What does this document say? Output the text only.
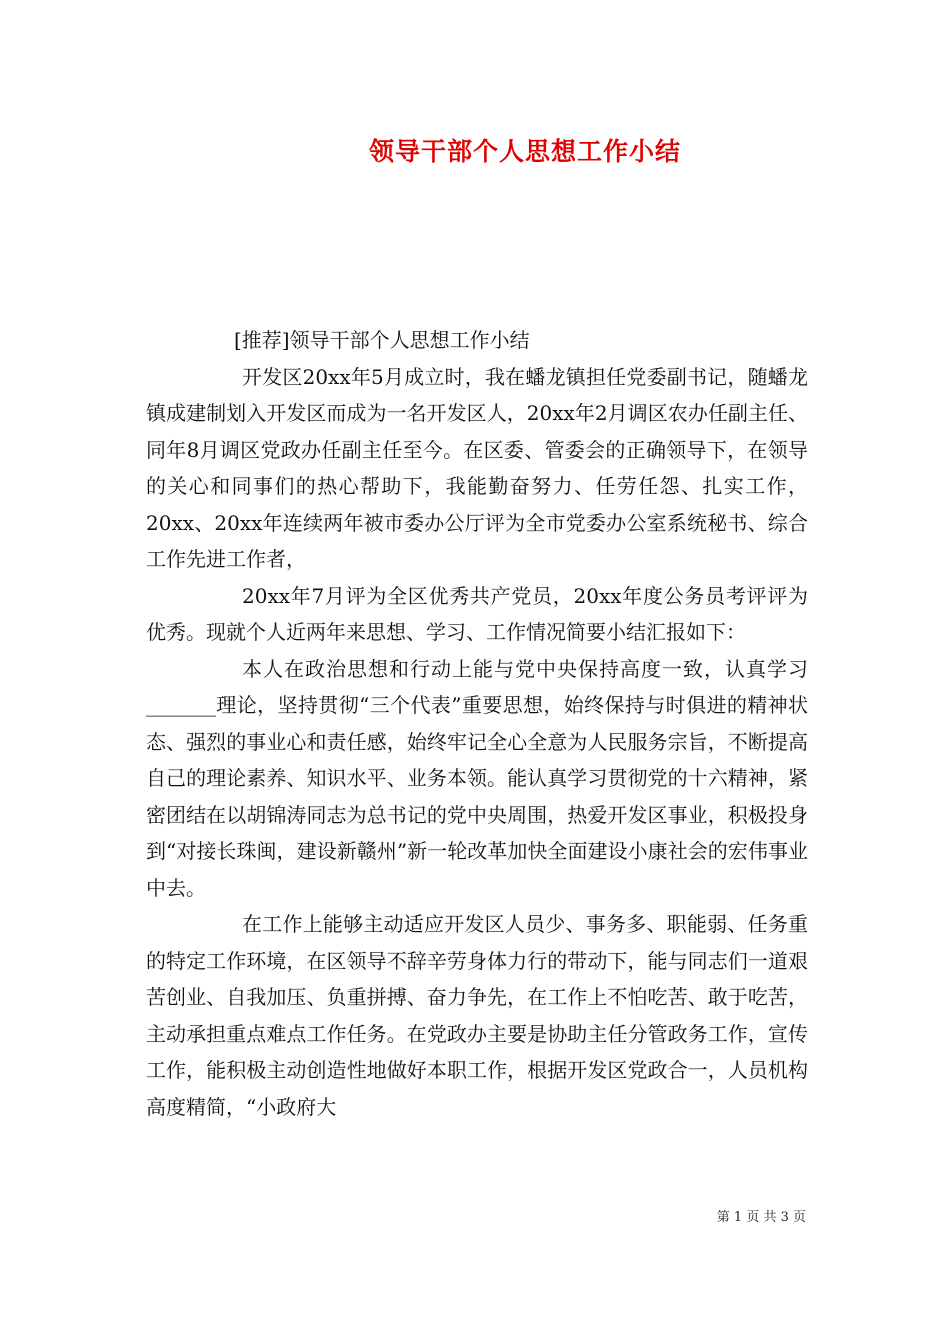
领导干部个人思想工作小结

[推荐]领导干部个人思想工作小结

开发区20xx年5月成立时，我在蟠龙镇担任党委副书记，随蟠龙镇成建制划入开发区而成为一名开发区人，20xx年2月调区农办任副主任、同年8月调区党政办任副主任至今。在区委、管委会的正确领导下，在领导的关心和同事们的热心帮助下，我能勤奋努力、任劳任怨、扎实工作，20xx、20xx年连续两年被市委办公厅评为全市党委办公室系统秘书、综合工作先进工作者，

20xx年7月评为全区优秀共产党员，20xx年度公务员考评评为优秀。现就个人近两年来思想、学习、工作情况简要小结汇报如下：

本人在政治思想和行动上能与党中央保持高度一致，认真学习_______理论，坚持贯彻“三个代表”重要思想，始终保持与时俱进的精神状态、强烈的事业心和责任感，始终牢记全心全意为人民服务宗旨，不断提高自己的理论素养、知识水平、业务本领。能认真学习贯彻党的十六精神，紧密团结在以胡锦涛同志为总书记的党中央周围，热爱开发区事业，积极投身到“对接长珠闽，建设新赣州”新一轮改革加快全面建设小康社会的宏伟事业中去。

在工作上能够主动适应开发区人员少、事务多、职能弱、任务重的特定工作环境，在区领导不辞辛劳身体力行的带动下，能与同志们一道艰苦创业、自我加压、负重拼搏、奋力争先，在工作上不怕吃苦、敢于吃苦，主动承担重点难点工作任务。在党政办主要是协助主任分管政务工作，宣传工作，能积极主动创造性地做好本职工作，根据开发区党政合一，人员机构高度精简，“小政府大

第 1 页 共 3 页
